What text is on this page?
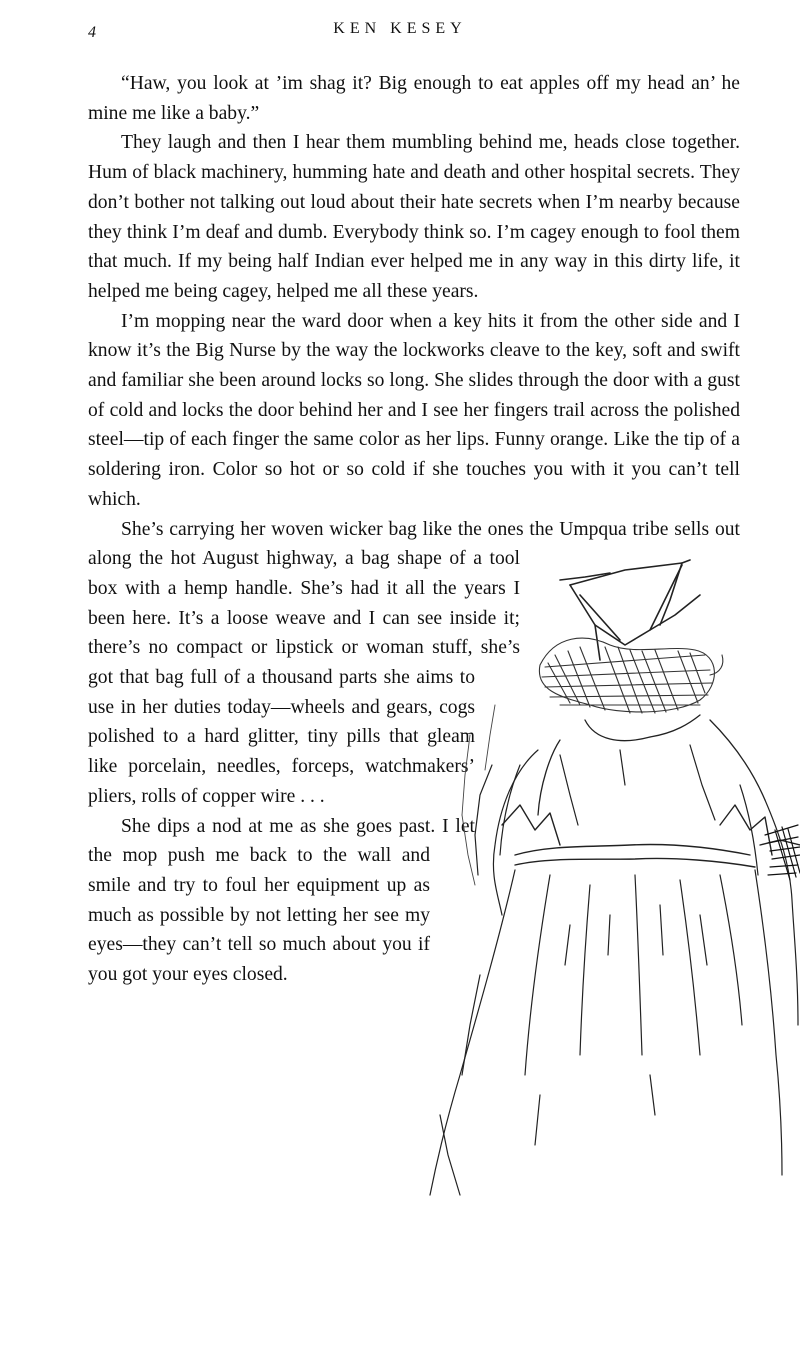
4	KEN KESEY

“Haw, you look at ’im shag it? Big enough to eat apples off my head an’ he mine me like a baby.”

They laugh and then I hear them mumbling behind me, heads close together. Hum of black machinery, humming hate and death and other hospital secrets. They don’t bother not talking out loud about their hate secrets when I’m nearby because they think I’m deaf and dumb. Everybody think so. I’m cagey enough to fool them that much. If my being half Indian ever helped me in any way in this dirty life, it helped me being cagey, helped me all these years.

I’m mopping near the ward door when a key hits it from the other side and I know it’s the Big Nurse by the way the lockworks cleave to the key, soft and swift and familiar she been around locks so long. She slides through the door with a gust of cold and locks the door behind her and I see her fingers trail across the polished steel—tip of each finger the same color as her lips. Funny orange. Like the tip of a soldering iron. Color so hot or so cold if she touches you with it you can’t tell which.

She’s carrying her woven wicker bag like the ones the Umpqua tribe sells out along the hot August highway, a bag shape of a tool box with a hemp handle. She’s had it all the years I been here. It’s a loose weave and I can see inside it; there’s no compact or lipstick or woman stuff, she’s got that bag full of a thousand parts she aims to use in her duties today—wheels and gears, cogs polished to a hard glitter, tiny pills that gleam like porcelain, needles, forceps, watchmakers’ pliers, rolls of copper wire . . .

She dips a nod at me as she goes past. I let the mop push me back to the wall and smile and try to foul her equipment up as much as possible by not letting her see my eyes—they can’t tell so much about you if you got your eyes closed.
